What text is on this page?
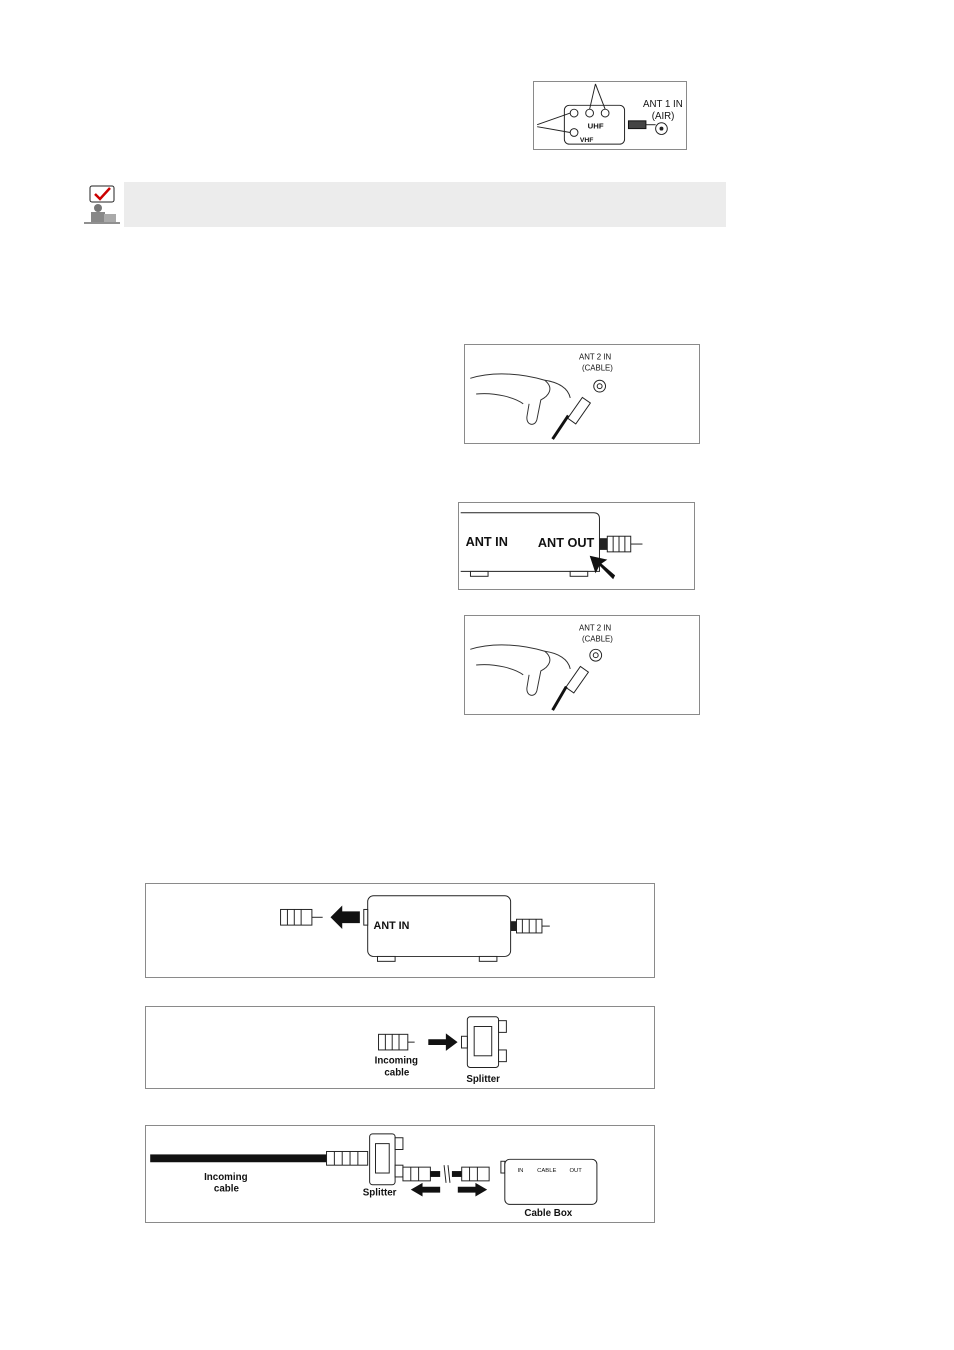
UHF
VHF
ANT 1 IN
(AIR)
ANT 2 IN
(CABLE)
ANT IN ANT OUT
ANT 2 IN
(CABLE)
ANT IN
Incoming
cable
Splitter
Incoming
cable	Splitter
IN CABLE OUT
Cable Box
